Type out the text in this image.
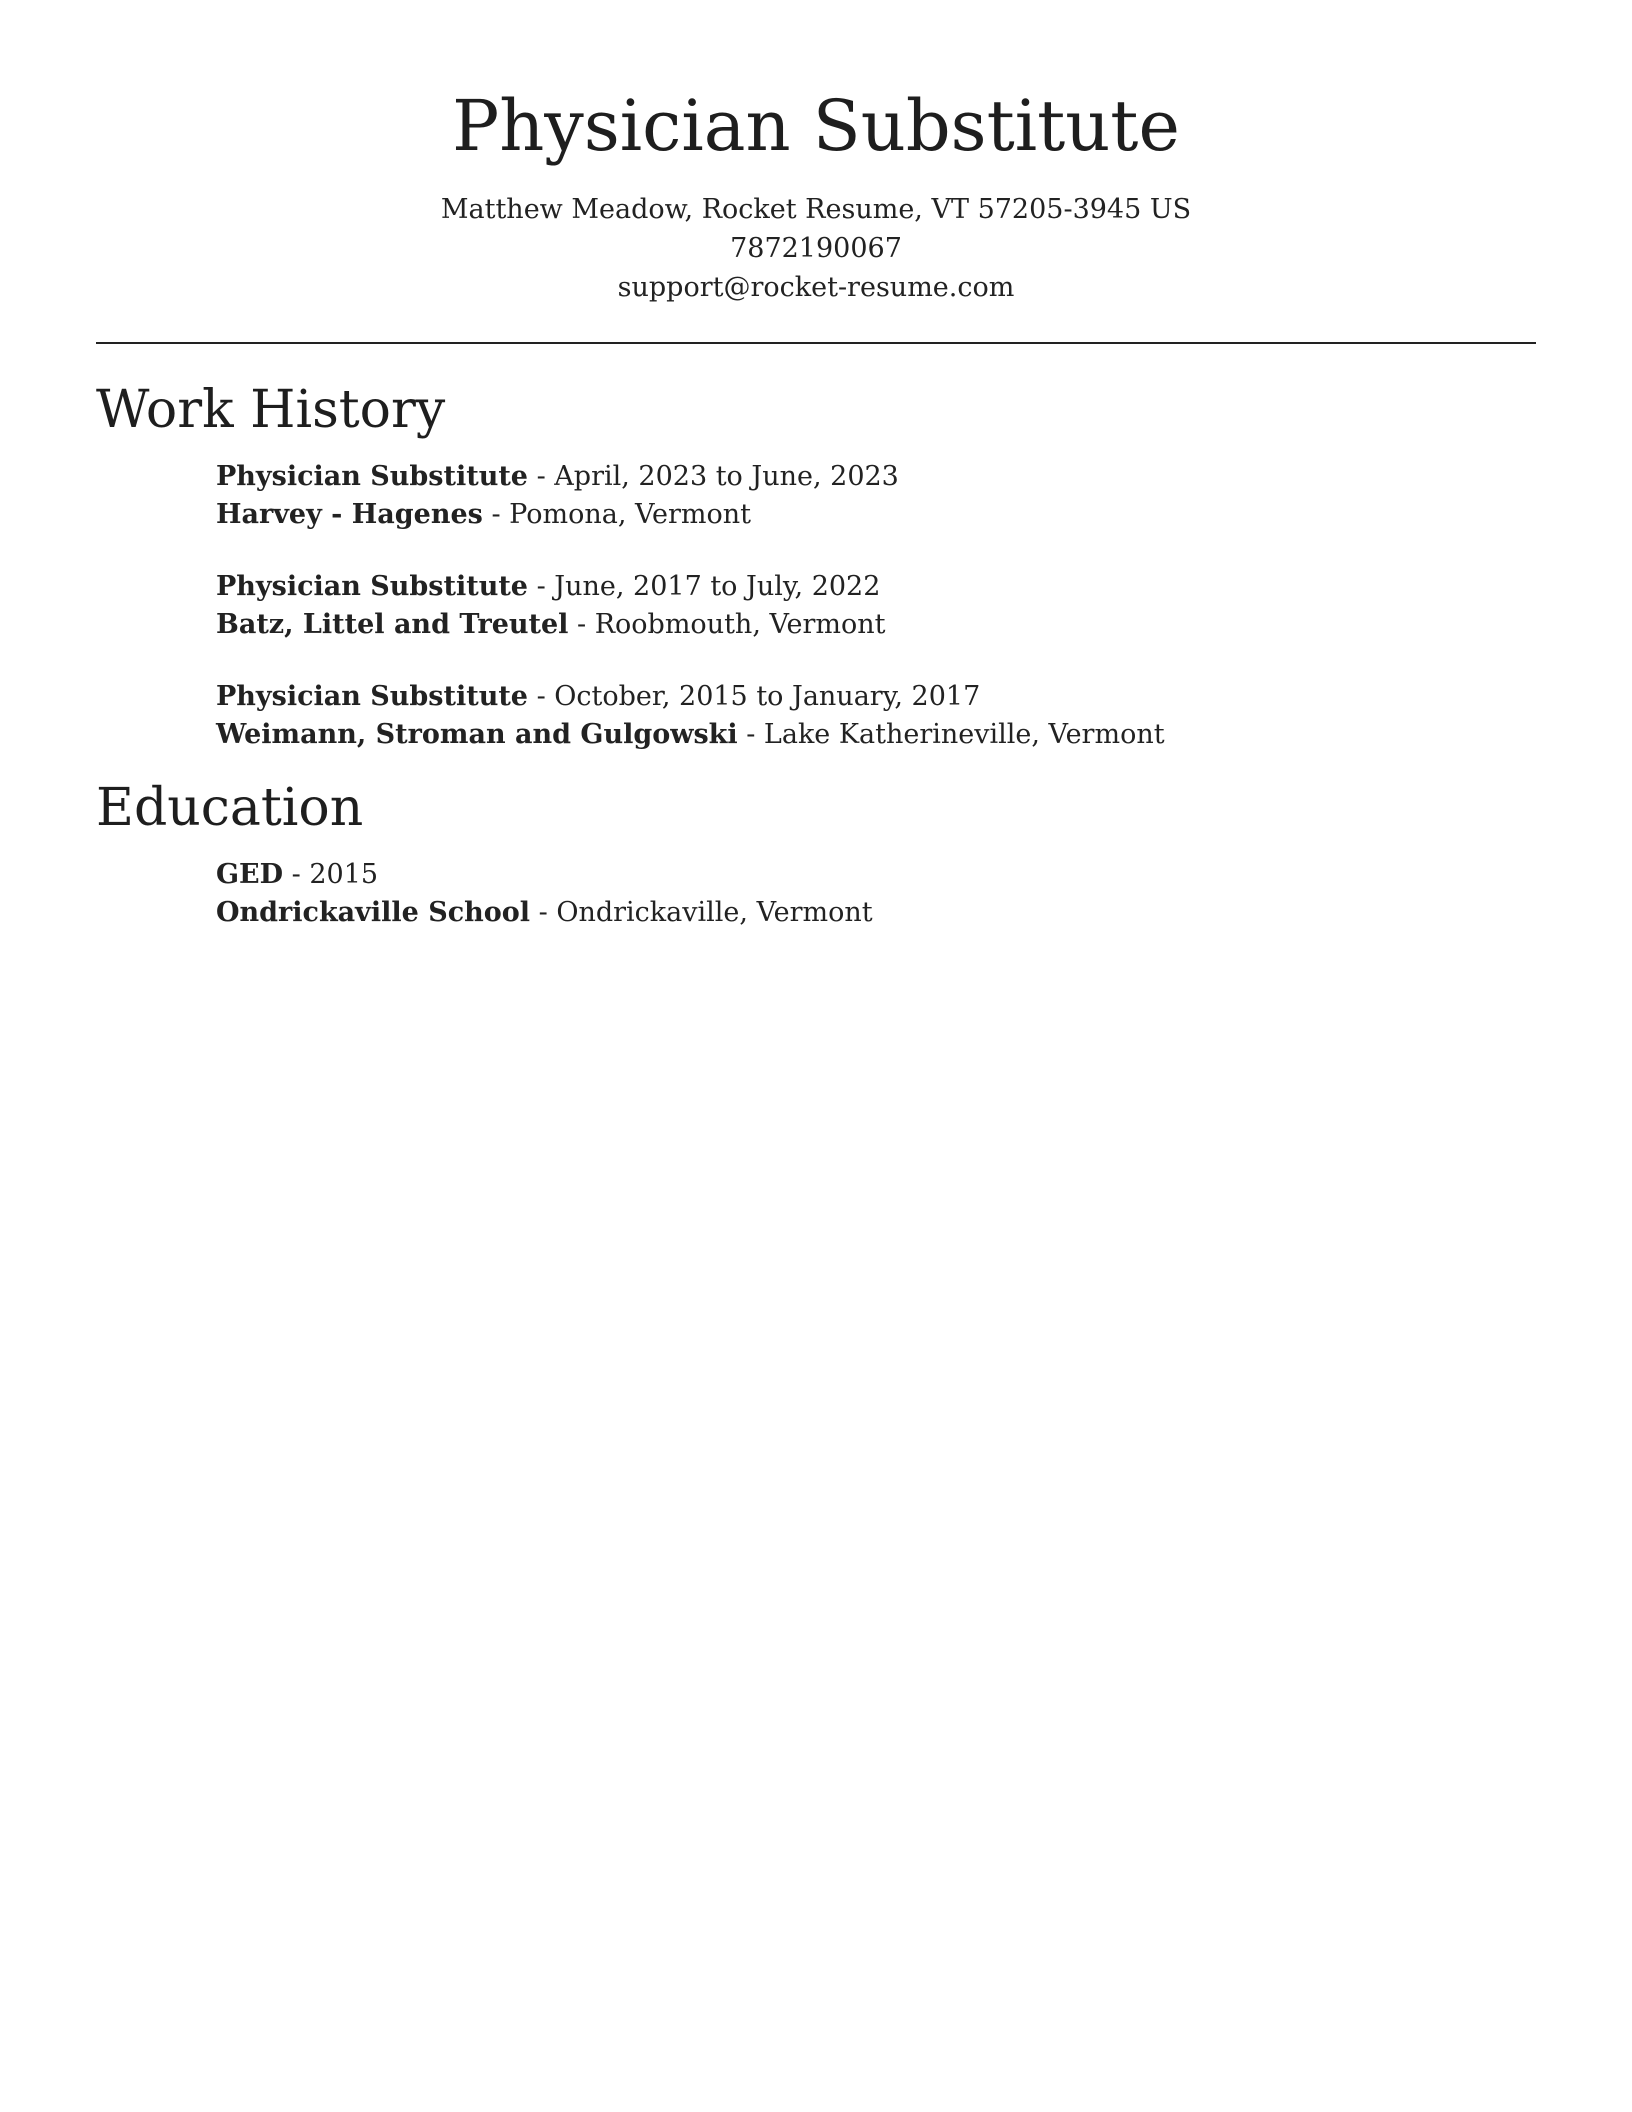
Physician Substitute
Matthew Meadow, Rocket Resume, VT 57205-3945 US
7872190067
support@rocket-resume.com
Work History
Physician Substitute - April, 2023 to June, 2023
Harvey - Hagenes - Pomona, Vermont
Physician Substitute - June, 2017 to July, 2022
Batz, Littel and Treutel - Roobmouth, Vermont
Physician Substitute - October, 2015 to January, 2017
Weimann, Stroman and Gulgowski - Lake Katherineville, Vermont
Education
GED - 2015
Ondrickaville School - Ondrickaville, Vermont
